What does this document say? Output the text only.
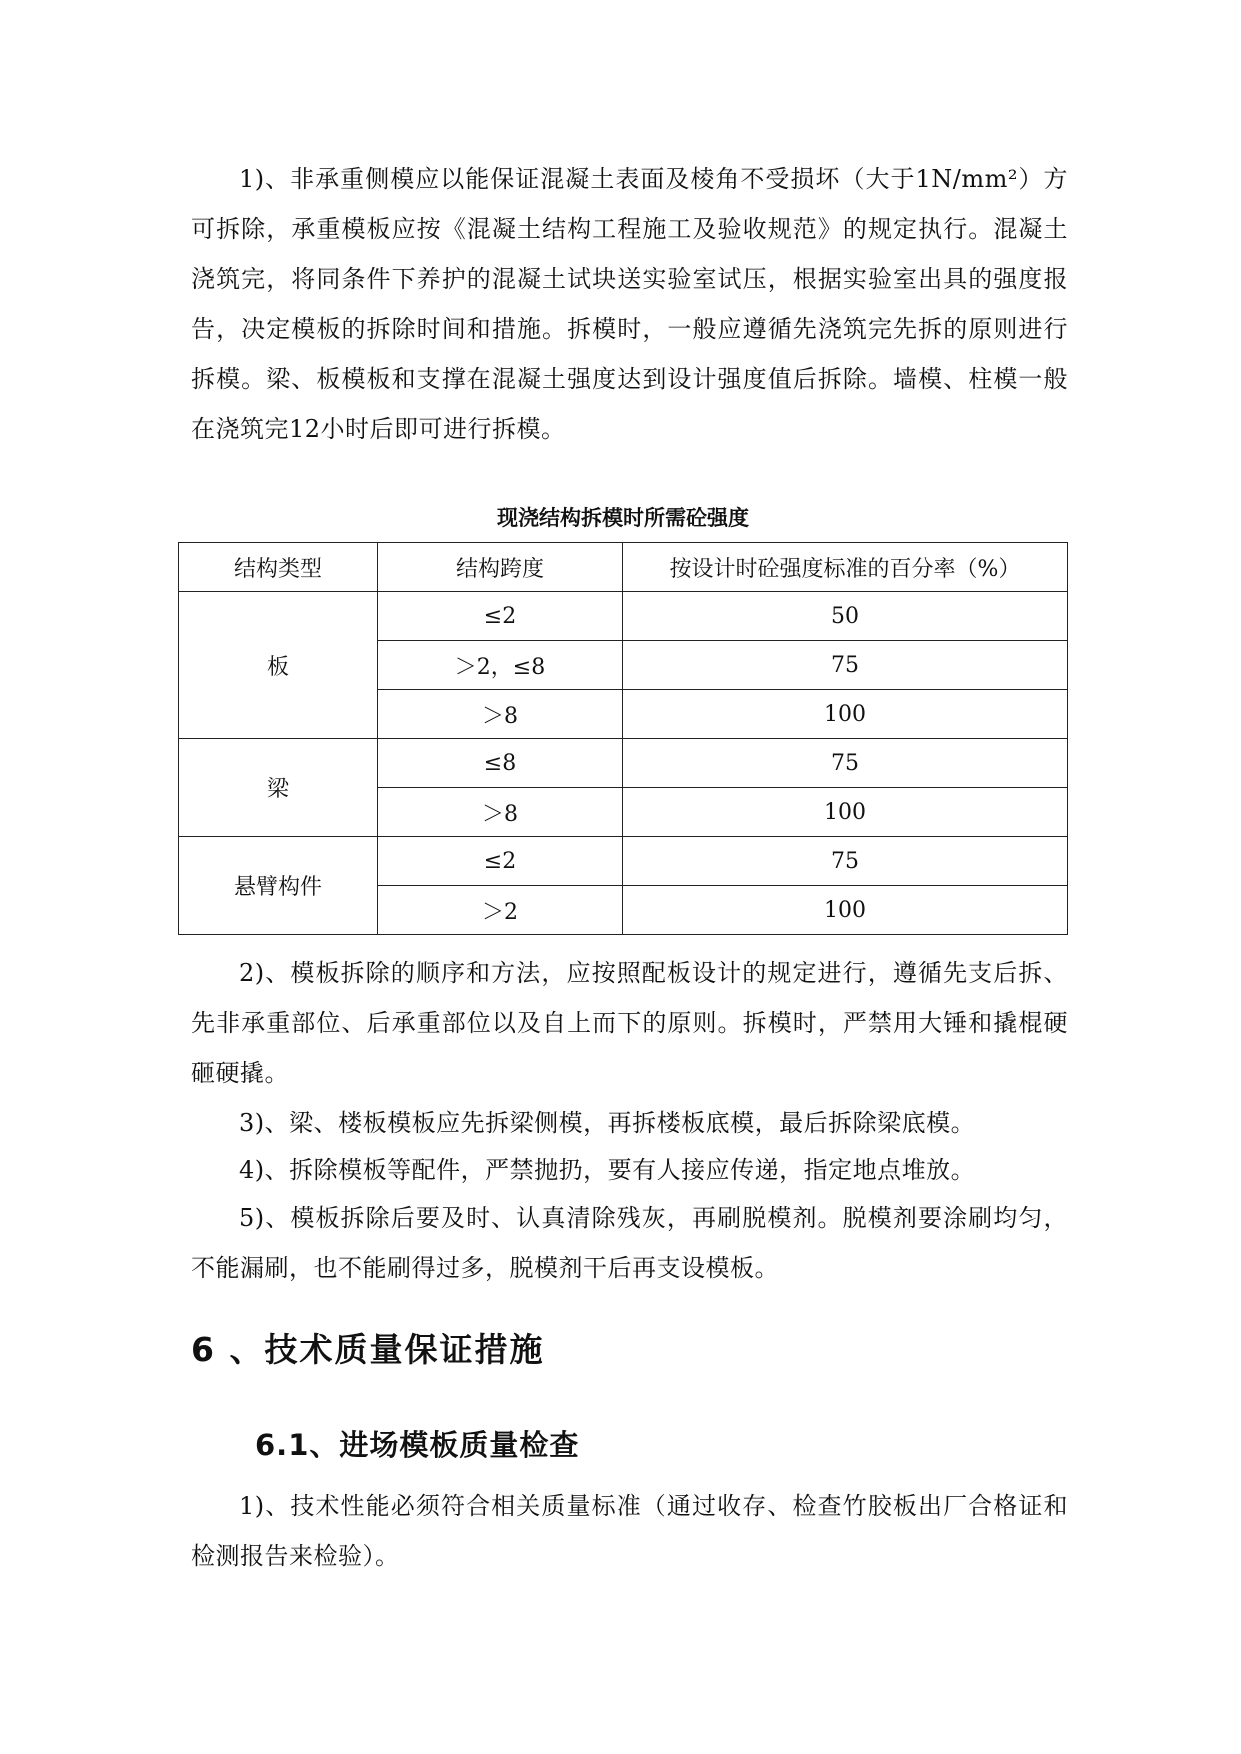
1)、非承重侧模应以能保证混凝土表面及棱角不受损坏（大于1N/mm²）方可拆除，承重模板应按《混凝土结构工程施工及验收规范》的规定执行。混凝土浇筑完，将同条件下养护的混凝土试块送实验室试压，根据实验室出具的强度报告，决定模板的拆除时间和措施。拆模时，一般应遵循先浇筑完先拆的原则进行拆模。梁、板模板和支撑在混凝土强度达到设计强度值后拆除。墙模、柱模一般在浇筑完12小时后即可进行拆模。

现浇结构拆模时所需砼强度

结构类型	结构跨度	按设计时砼强度标准的百分率（%）
板	≤2	50
	＞2，≤8	75
	＞8	100
梁	≤8	75
	＞8	100
悬臂构件	≤2	75
	＞2	100

2)、模板拆除的顺序和方法，应按照配板设计的规定进行，遵循先支后拆、先非承重部位、后承重部位以及自上而下的原则。拆模时，严禁用大锤和撬棍硬砸硬撬。

3)、梁、楼板模板应先拆梁侧模，再拆楼板底模，最后拆除梁底模。

4)、拆除模板等配件，严禁抛扔，要有人接应传递，指定地点堆放。

5)、模板拆除后要及时、认真清除残灰，再刷脱模剂。脱模剂要涂刷均匀，不能漏刷，也不能刷得过多，脱模剂干后再支设模板。

6 、技术质量保证措施
6.1、进场模板质量检查

1)、技术性能必须符合相关质量标准（通过收存、检查竹胶板出厂合格证和检测报告来检验）。
